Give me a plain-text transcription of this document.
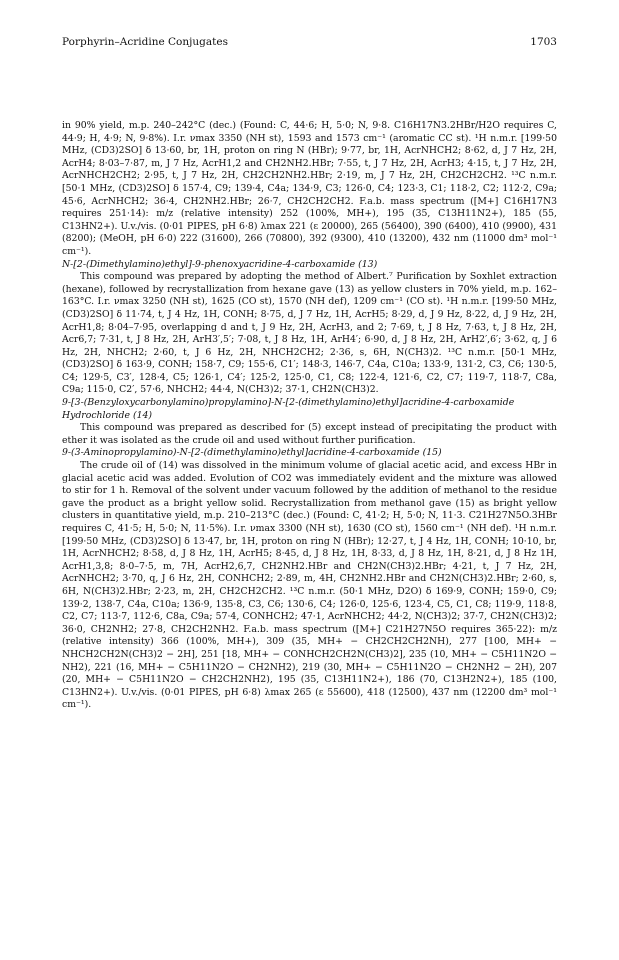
Porphyrin–Acridine Conjugates	1703

in 90% yield, m.p. 240–242°C (dec.) (Found: C, 44·6; H, 5·0; N, 9·8. C16H17N3.2HBr/H2O requires C, 44·9; H, 4·9; N, 9·8%). I.r. νmax 3350 (NH st), 1593 and 1573 cm⁻¹ (aromatic CC st). ¹H n.m.r. [199·50 MHz, (CD3)2SO] δ 13·60, br, 1H, proton on ring N (HBr); 9·77, br, 1H, AcrNHCH2; 8·62, d, J 7 Hz, 2H, AcrH4; 8·03–7·87, m, J 7 Hz, AcrH1,2 and CH2NH2.HBr; 7·55, t, J 7 Hz, 2H, AcrH3; 4·15, t, J 7 Hz, 2H, AcrNHCH2CH2; 2·95, t, J 7 Hz, 2H, CH2CH2NH2.HBr; 2·19, m, J 7 Hz, 2H, CH2CH2CH2. ¹³C n.m.r. [50·1 MHz, (CD3)2SO] δ 157·4, C9; 139·4, C4a; 134·9, C3; 126·0, C4; 123·3, C1; 118·2, C2; 112·2, C9a; 45·6, AcrNHCH2; 36·4, CH2NH2.HBr; 26·7, CH2CH2CH2. F.a.b. mass spectrum ([M+] C16H17N3 requires 251·14): m/z (relative intensity) 252 (100%, MH+), 195 (35, C13H11N2+), 185 (55, C13HN2+). U.v./vis. (0·01 PIPES, pH 6·8) λmax 221 (ε 20000), 265 (56400), 390 (6400), 410 (9900), 431 (8200); (MeOH, pH 6·0) 222 (31600), 266 (70800), 392 (9300), 410 (13200), 432 nm (11000 dm³ mol⁻¹ cm⁻¹).

N-[2-(Dimethylamino)ethyl]-9-phenoxyacridine-4-carboxamide (13)

This compound was prepared by adopting the method of Albert.⁷ Purification by Soxhlet extraction (hexane), followed by recrystallization from hexane gave (13) as yellow clusters in 70% yield, m.p. 162–163°C. I.r. νmax 3250 (NH st), 1625 (CO st), 1570 (NH def), 1209 cm⁻¹ (CO st). ¹H n.m.r. [199·50 MHz, (CD3)2SO] δ 11·74, t, J 4 Hz, 1H, CONH; 8·75, d, J 7 Hz, 1H, AcrH5; 8·29, d, J 9 Hz, 8·22, d, J 9 Hz, 2H, AcrH1,8; 8·04–7·95, overlapping d and t, J 9 Hz, 2H, AcrH3, and 2; 7·69, t, J 8 Hz, 7·63, t, J 8 Hz, 2H, Acr6,7; 7·31, t, J 8 Hz, 2H, ArH3′,5′; 7·08, t, J 8 Hz, 1H, ArH4′; 6·90, d, J 8 Hz, 2H, ArH2′,6′; 3·62, q, J 6 Hz, 2H, NHCH2; 2·60, t, J 6 Hz, 2H, NHCH2CH2; 2·36, s, 6H, N(CH3)2. ¹³C n.m.r. [50·1 MHz, (CD3)2SO] δ 163·9, CONH; 158·7, C9; 155·6, C1′; 148·3, 146·7, C4a, C10a; 133·9, 131·2, C3, C6; 130·5, C4; 129·5, C3′, 128·4, C5; 126·1, C4′; 125·2, 125·0, C1, C8; 122·4, 121·6, C2, C7; 119·7, 118·7, C8a, C9a; 115·0, C2′, 57·6, NHCH2; 44·4, N(CH3)2; 37·1, CH2N(CH3)2.

9-[3-(Benzyloxycarbonylamino)propylamino]-N-[2-(dimethylamino)ethyl]acridine-4-carboxamide Hydrochloride (14)

This compound was prepared as described for (5) except instead of precipitating the product with ether it was isolated as the crude oil and used without further purification.

9-(3-Aminopropylamino)-N-[2-(dimethylamino)ethyl]acridine-4-carboxamide (15)

The crude oil of (14) was dissolved in the minimum volume of glacial acetic acid, and excess HBr in glacial acetic acid was added. Evolution of CO2 was immediately evident and the mixture was allowed to stir for 1 h. Removal of the solvent under vacuum followed by the addition of methanol to the residue gave the product as a bright yellow solid. Recrystallization from methanol gave (15) as bright yellow clusters in quantitative yield, m.p. 210–213°C (dec.) (Found: C, 41·2; H, 5·0; N, 11·3. C21H27N5O.3HBr requires C, 41·5; H, 5·0; N, 11·5%). I.r. νmax 3300 (NH st), 1630 (CO st), 1560 cm⁻¹ (NH def). ¹H n.m.r. [199·50 MHz, (CD3)2SO] δ 13·47, br, 1H, proton on ring N (HBr); 12·27, t, J 4 Hz, 1H, CONH; 10·10, br, 1H, AcrNHCH2; 8·58, d, J 8 Hz, 1H, AcrH5; 8·45, d, J 8 Hz, 1H, 8·33, d, J 8 Hz, 1H, 8·21, d, J 8 Hz 1H, AcrH1,3,8; 8·0–7·5, m, 7H, AcrH2,6,7, CH2NH2.HBr and CH2N(CH3)2.HBr; 4·21, t, J 7 Hz, 2H, AcrNHCH2; 3·70, q, J 6 Hz, 2H, CONHCH2; 2·89, m, 4H, CH2NH2.HBr and CH2N(CH3)2.HBr; 2·60, s, 6H, N(CH3)2.HBr; 2·23, m, 2H, CH2CH2CH2. ¹³C n.m.r. (50·1 MHz, D2O) δ 169·9, CONH; 159·0, C9; 139·2, 138·7, C4a, C10a; 136·9, 135·8, C3, C6; 130·6, C4; 126·0, 125·6, 123·4, C5, C1, C8; 119·9, 118·8, C2, C7; 113·7, 112·6, C8a, C9a; 57·4, CONHCH2; 47·1, AcrNHCH2; 44·2, N(CH3)2; 37·7, CH2N(CH3)2; 36·0, CH2NH2; 27·8, CH2CH2NH2. F.a.b. mass spectrum ([M+] C21H27N5O requires 365·22): m/z (relative intensity) 366 (100%, MH+), 309 (35, MH+ − CH2CH2CH2NH), 277 [100, MH+ − NHCH2CH2N(CH3)2 − 2H], 251 [18, MH+ − CONHCH2CH2N(CH3)2], 235 (10, MH+ − C5H11N2O − NH2), 221 (16, MH+ − C5H11N2O − CH2NH2), 219 (30, MH+ − C5H11N2O − CH2NH2 − 2H), 207 (20, MH+ − C5H11N2O − CH2CH2NH2), 195 (35, C13H11N2+), 186 (70, C13H2N2+), 185 (100, C13HN2+). U.v./vis. (0·01 PIPES, pH 6·8) λmax 265 (ε 55600), 418 (12500), 437 nm (12200 dm³ mol⁻¹ cm⁻¹).
